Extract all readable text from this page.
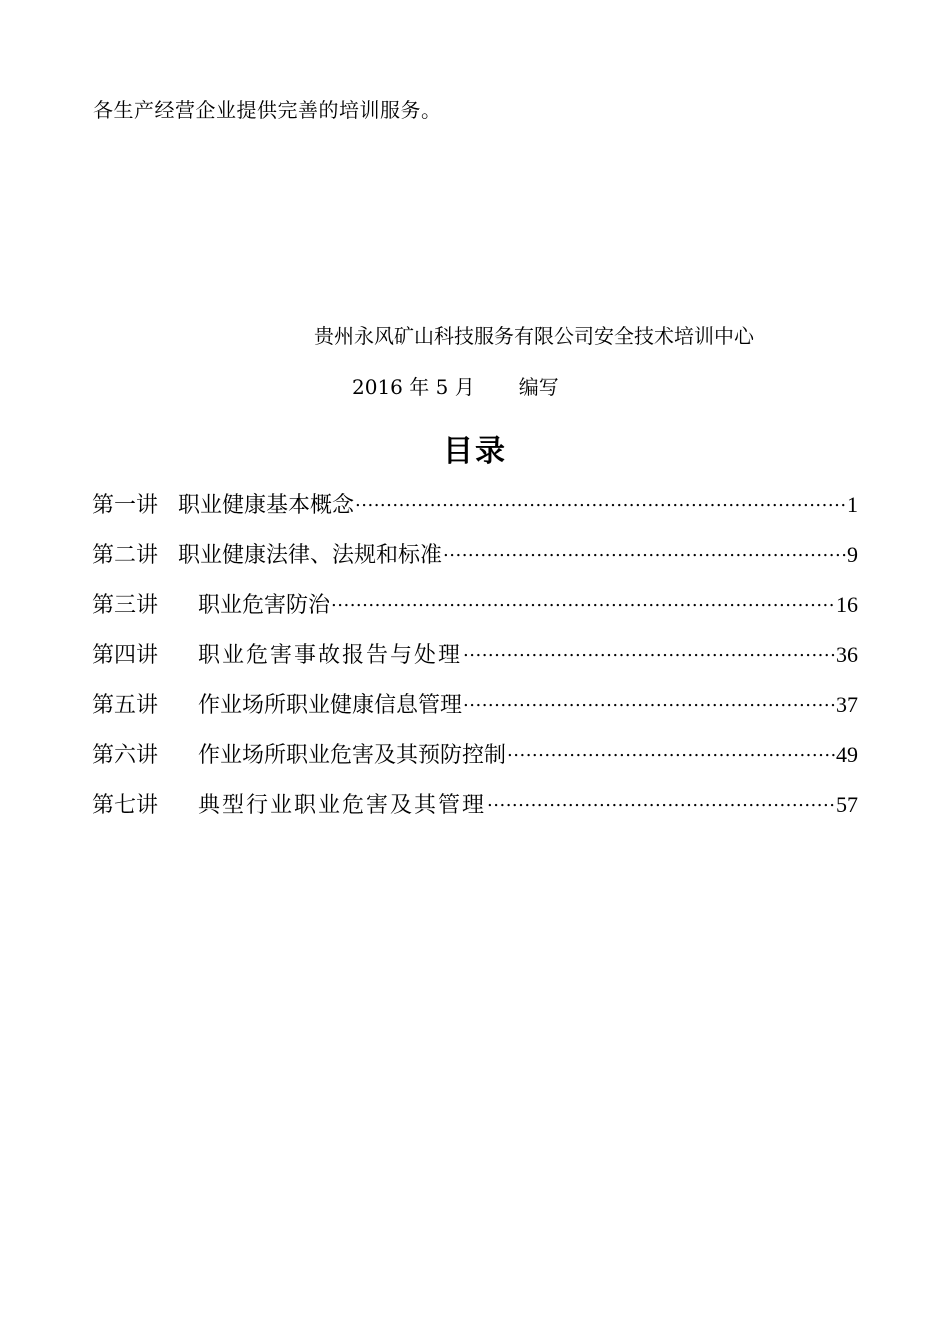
各生产经营企业提供完善的培训服务。
贵州永风矿山科技服务有限公司安全技术培训中心
2016 年 5 月 编写
目录
第一讲 职业健康基本概念 .....	1
第二讲 职业健康法律、法规和标准 .....	9
第三讲 职业危害防治 .....	16
第四讲 职业危害事故报告与处理 .....	36
第五讲 作业场所职业健康信息管理 .....	37
第六讲 作业场所职业危害及其预防控制 .....	49
第七讲 典型行业职业危害及其管理 .....	57
